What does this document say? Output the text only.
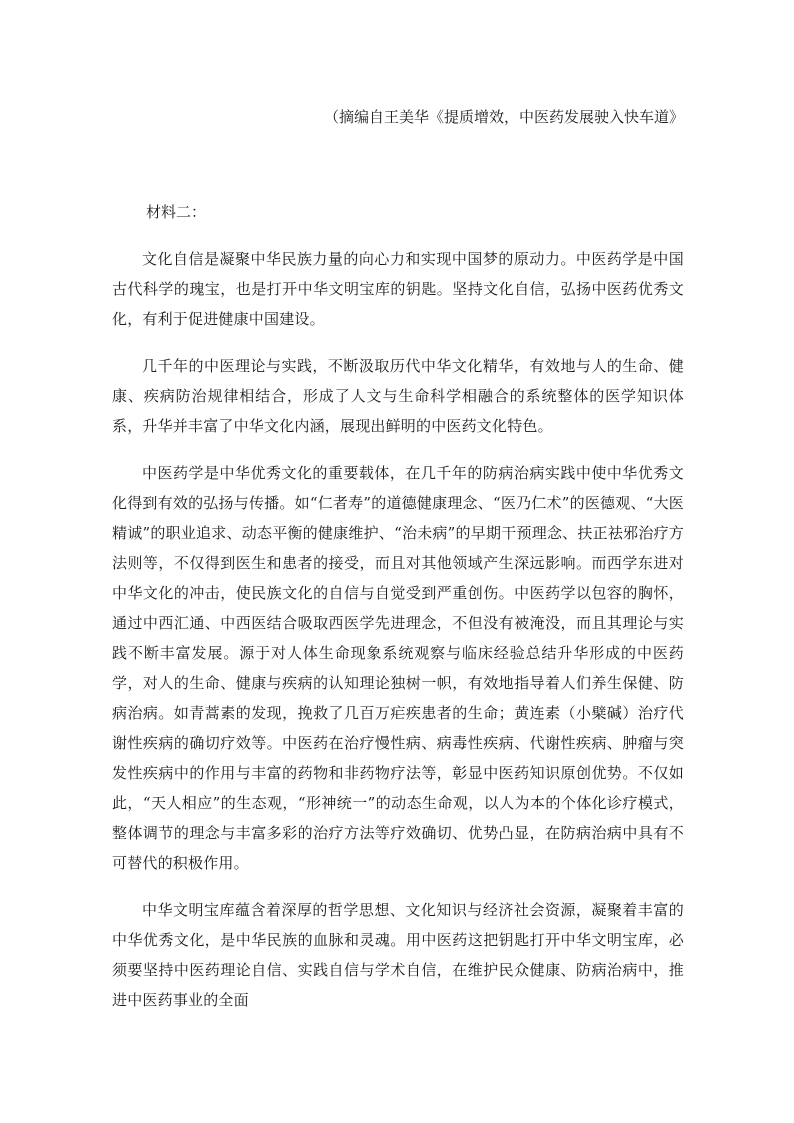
（摘编自王美华《提质增效，中医药发展驶入快车道》
材料二：

文化自信是凝聚中华民族力量的向心力和实现中国梦的原动力。中医药学是中国古代科学的瑰宝，也是打开中华文明宝库的钥匙。坚持文化自信，弘扬中医药优秀文化，有利于促进健康中国建设。

几千年的中医理论与实践，不断汲取历代中华文化精华，有效地与人的生命、健康、疾病防治规律相结合，形成了人文与生命科学相融合的系统整体的医学知识体系，升华并丰富了中华文化内涵，展现出鲜明的中医药文化特色。

中医药学是中华优秀文化的重要载体，在几千年的防病治病实践中使中华优秀文化得到有效的弘扬与传播。如“仁者寿”的道德健康理念、“医乃仁术”的医德观、“大医精诚”的职业追求、动态平衡的健康维护、“治未病”的早期干预理念、扶正祛邪治疗方法则等，不仅得到医生和患者的接受，而且对其他领域产生深远影响。而西学东进对中华文化的冲击，使民族文化的自信与自觉受到严重创伤。中医药学以包容的胸怀，通过中西汇通、中西医结合吸取西医学先进理念，不但没有被淹没，而且其理论与实践不断丰富发展。源于对人体生命现象系统观察与临床经验总结升华形成的中医药学，对人的生命、健康与疾病的认知理论独树一帜，有效地指导着人们养生保健、防病治病。如青蒿素的发现，挽救了几百万疟疾患者的生命；黄连素（小檗碱）治疗代谢性疾病的确切疗效等。中医药在治疗慢性病、病毒性疾病、代谢性疾病、肿瘤与突发性疾病中的作用与丰富的药物和非药物疗法等，彰显中医药知识原创优势。不仅如此，“天人相应”的生态观，“形神统一”的动态生命观，以人为本的个体化诊疗模式，整体调节的理念与丰富多彩的治疗方法等疗效确切、优势凸显，在防病治病中具有不可替代的积极作用。

中华文明宝库蕴含着深厚的哲学思想、文化知识与经济社会资源，凝聚着丰富的中华优秀文化，是中华民族的血脉和灵魂。用中医药这把钥匙打开中华文明宝库，必须要坚持中医药理论自信、实践自信与学术自信，在维护民众健康、防病治病中，推进中医药事业的全面
